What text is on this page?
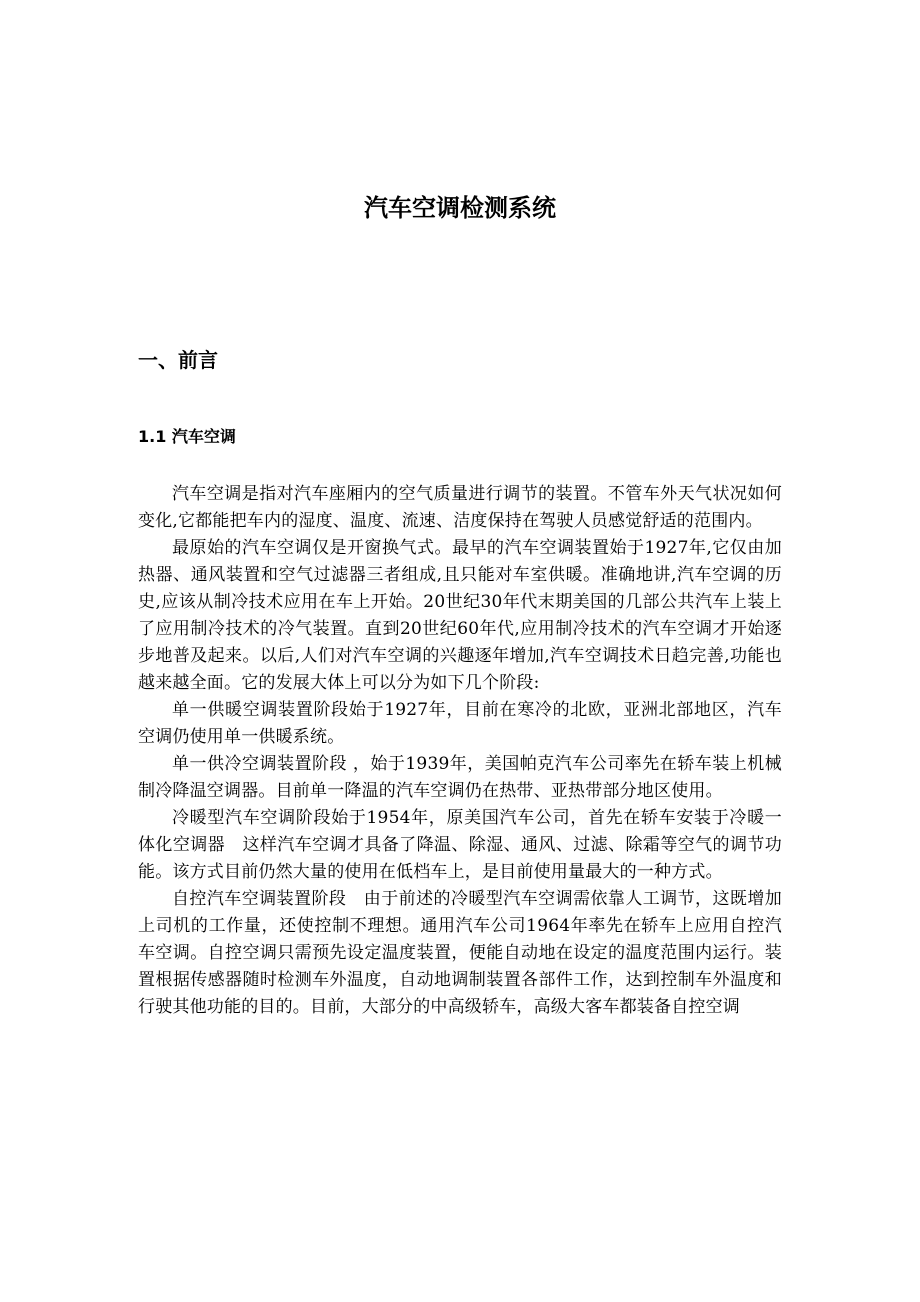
汽车空调检测系统
一、前言
1.1 汽车空调

汽车空调是指对汽车座厢内的空气质量进行调节的装置。不管车外天气状况如何变化,它都能把车内的湿度、温度、流速、洁度保持在驾驶人员感觉舒适的范围内。

最原始的汽车空调仅是开窗换气式。最早的汽车空调装置始于1927年,它仅由加热器、通风装置和空气过滤器三者组成,且只能对车室供暖。准确地讲,汽车空调的历史,应该从制冷技术应用在车上开始。20世纪30年代末期美国的几部公共汽车上装上了应用制冷技术的冷气装置。直到20世纪60年代,应用制冷技术的汽车空调才开始逐步地普及起来。以后,人们对汽车空调的兴趣逐年增加,汽车空调技术日趋完善,功能也越来越全面。它的发展大体上可以分为如下几个阶段:

单一供暖空调装置阶段始于1927年，目前在寒冷的北欧，亚洲北部地区，汽车空调仍使用单一供暖系统。

单一供冷空调装置阶段 ，始于1939年，美国帕克汽车公司率先在轿车装上机械制冷降温空调器。目前单一降温的汽车空调仍在热带、亚热带部分地区使用。

冷暖型汽车空调阶段始于1954年，原美国汽车公司，首先在轿车安装于冷暖一体化空调器　这样汽车空调才具备了降温、除湿、通风、过滤、除霜等空气的调节功能。该方式目前仍然大量的使用在低档车上，是目前使用量最大的一种方式。

自控汽车空调装置阶段　由于前述的冷暖型汽车空调需依靠人工调节，这既增加上司机的工作量，还使控制不理想。通用汽车公司1964年率先在轿车上应用自控汽车空调。自控空调只需预先设定温度装置，便能自动地在设定的温度范围内运行。装置根据传感器随时检测车外温度，自动地调制装置各部件工作，达到控制车外温度和行驶其他功能的目的。目前，大部分的中高级轿车，高级大客车都装备自控空调
